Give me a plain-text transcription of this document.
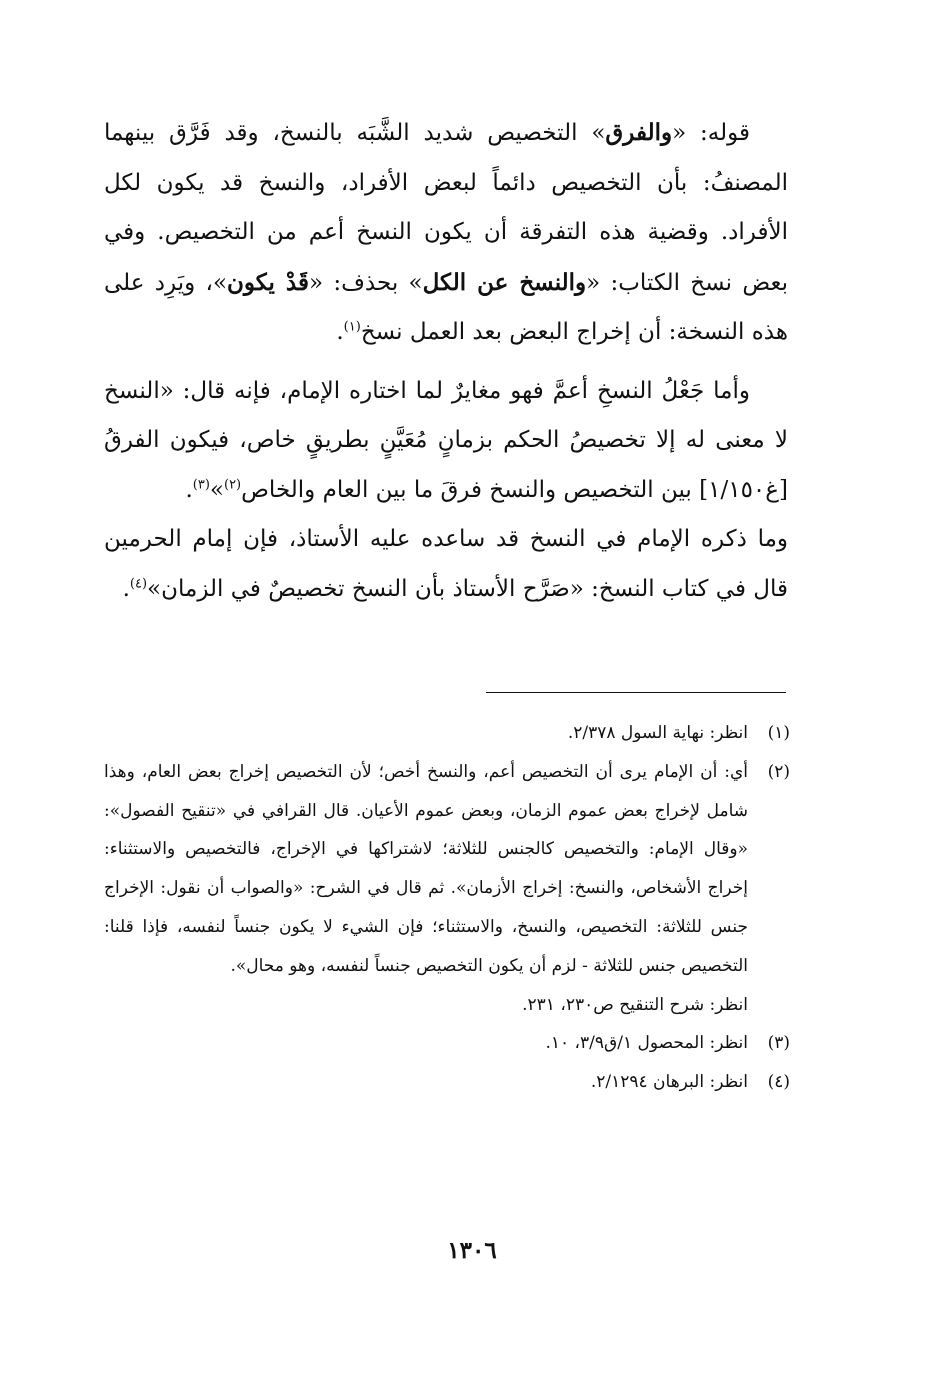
قوله: «والفرق» التخصيص شديد الشَّبَه بالنسخ، وقد فَرَّق بينهما المصنفُ: بأن التخصيص دائماً لبعض الأفراد، والنسخ قد يكون لكل الأفراد. وقضية هذه التفرقة أن يكون النسخ أعم من التخصيص. وفي بعض نسخ الكتاب: «والنسخ عن الكل» بحذف: «قَدْ يكون»، ويَرِد على هذه النسخة: أن إخراج البعض بعد العمل نسخ$^{(١)}$.

وأما جَعْلُ النسخِ أعمَّ فهو مغايرٌ لما اختاره الإمام، فإنه قال: «النسخ لا معنى له إلا تخصيصُ الحكم بزمانٍ مُعَيَّنٍ بطريقٍ خاص، فيكون الفرقُ [غ١/١٥٠] بين التخصيص والنسخ فرقَ ما بين العام والخاص$^{(٢)}$»$^{(٣)}$.

وما ذكره الإمام في النسخ قد ساعده عليه الأستاذ، فإن إمام الحرمين قال في كتاب النسخ: «صَرَّح الأستاذ بأن النسخ تخصيصٌ في الزمان»$^{(٤)}$.

(١)

انظر: نهاية السول ٢/٣٧٨.

(٢)

أي: أن الإمام يرى أن التخصيص أعم، والنسخ أخص؛ لأن التخصيص إخراج بعض العام، وهذا شامل لإخراج بعض عموم الزمان، وبعض عموم الأعيان. قال القرافي في «تنقيح الفصول»: «وقال الإمام: والتخصيص كالجنس للثلاثة؛ لاشتراكها في الإخراج، فالتخصيص والاستثناء: إخراج الأشخاص، والنسخ: إخراج الأزمان». ثم قال في الشرح: «والصواب أن نقول: الإخراج جنس للثلاثة: التخصيص، والنسخ، والاستثناء؛ فإن الشيء لا يكون جنساً لنفسه، فإذا قلنا: التخصيص جنس للثلاثة - لزم أن يكون التخصيص جنساً لنفسه، وهو محال».

انظر: شرح التنقيح ص٢٣٠، ٢٣١.

(٣)

انظر: المحصول ١/ق٣/٩، ١٠.

(٤)

انظر: البرهان ٢/١٢٩٤.

١٣٠٦
